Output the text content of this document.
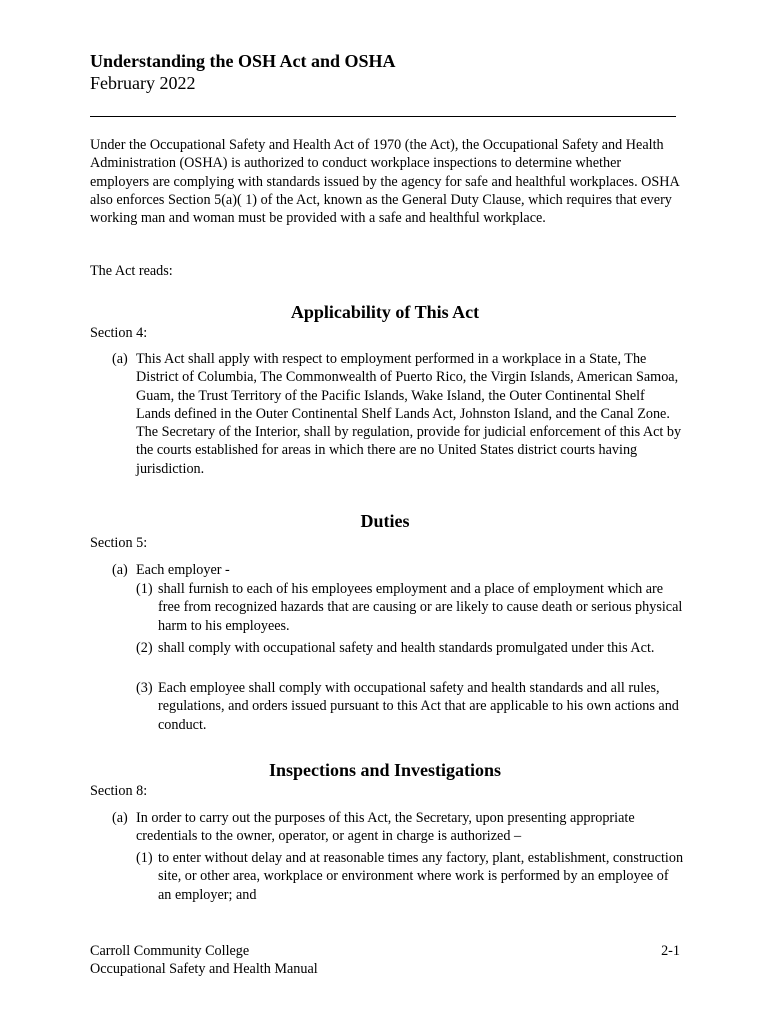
Understanding the OSH Act and OSHA
February 2022

Under the Occupational Safety and Health Act of 1970 (the Act), the Occupational Safety and Health Administration (OSHA) is authorized to conduct workplace inspections to determine whether employers are complying with standards issued by the agency for safe and healthful workplaces. OSHA also enforces Section 5(a)( 1) of the Act, known as the General Duty Clause, which requires that every working man and woman must be provided with a safe and healthful workplace.

The Act reads:

Applicability of This Act

Section 4:

(a) This Act shall apply with respect to employment performed in a workplace in a State, The District of Columbia, The Commonwealth of Puerto Rico, the Virgin Islands, American Samoa, Guam, the Trust Territory of the Pacific Islands, Wake Island, the Outer Continental Shelf Lands defined in the Outer Continental Shelf Lands Act, Johnston Island, and the Canal Zone. The Secretary of the Interior, shall by regulation, provide for judicial enforcement of this Act by the courts established for areas in which there are no United States district courts having jurisdiction.
Duties

Section 5:

(a) Each employer -
(1) shall furnish to each of his employees employment and a place of employment which are free from recognized hazards that are causing or are likely to cause death or serious physical harm to his employees.
(2) shall comply with occupational safety and health standards promulgated under this Act.
(3) Each employee shall comply with occupational safety and health standards and all rules, regulations, and orders issued pursuant to this Act that are applicable to his own actions and conduct.
Inspections and Investigations

Section 8:

(a) In order to carry out the purposes of this Act, the Secretary, upon presenting appropriate credentials to the owner, operator, or agent in charge is authorized –
(1) to enter without delay and at reasonable times any factory, plant, establishment, construction site, or other area, workplace or environment where work is performed by an employee of an employer; and
Carroll Community College
Occupational Safety and Health Manual
2-1
